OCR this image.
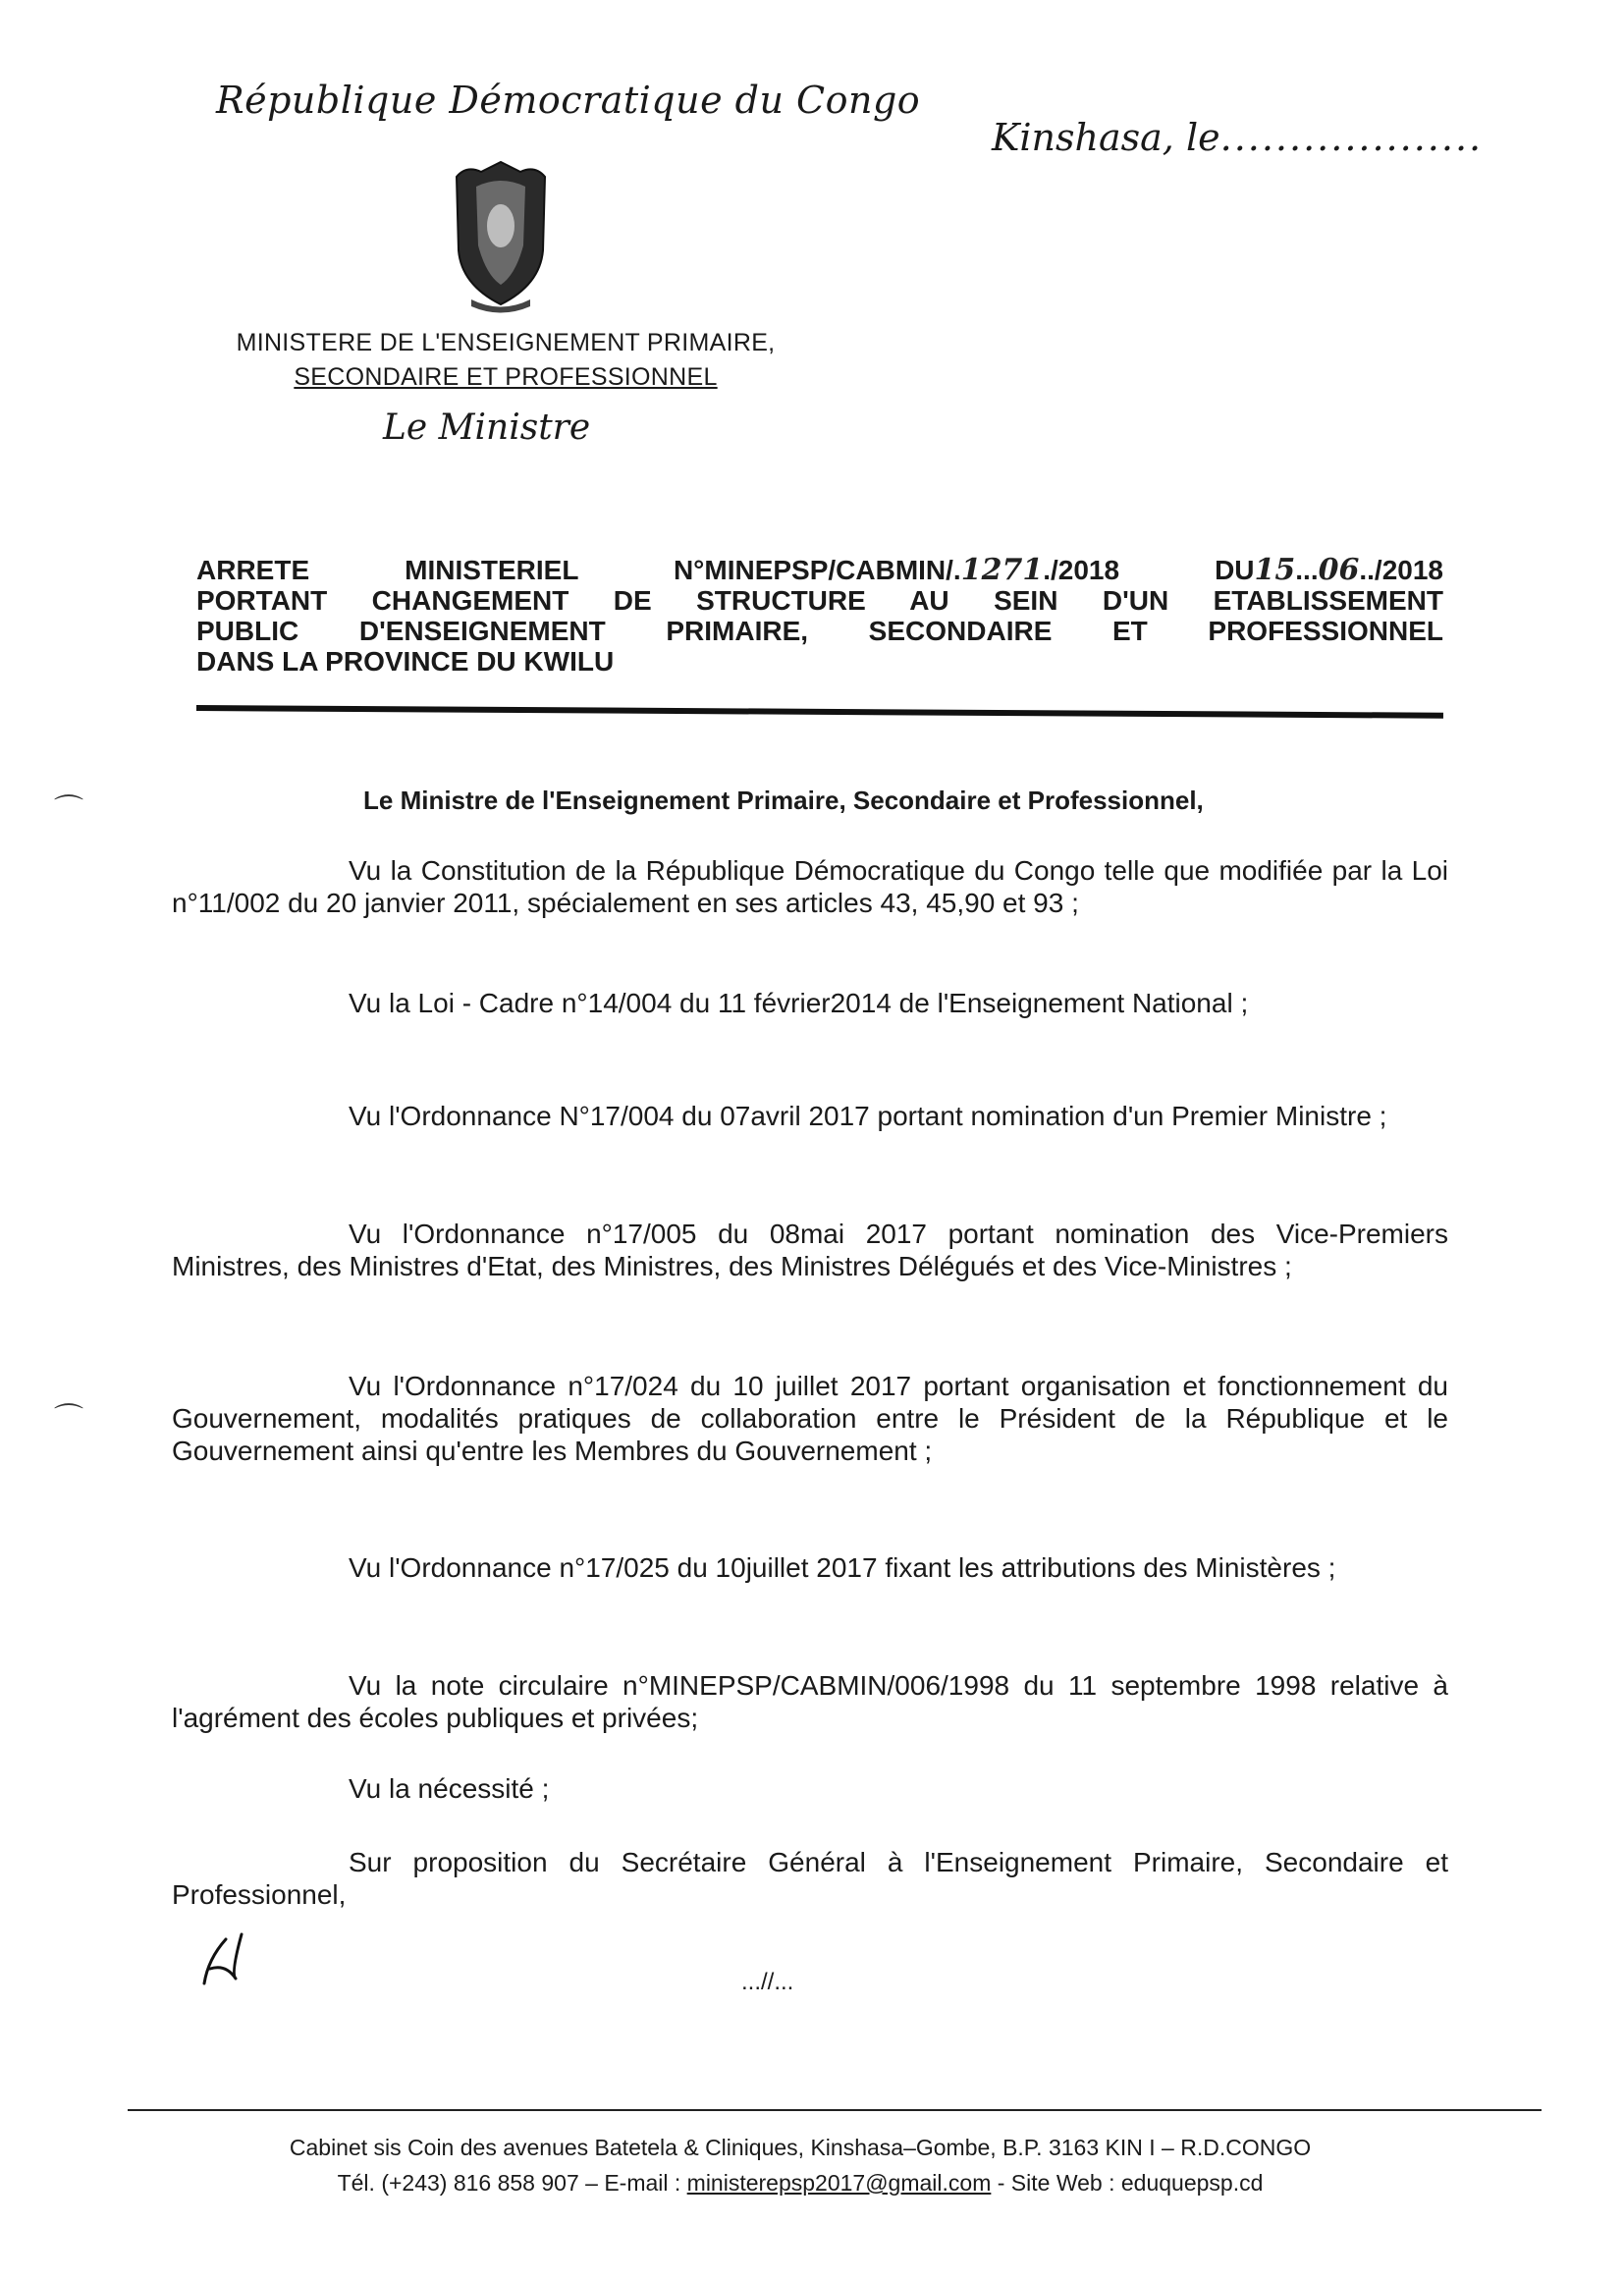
République Démocratique du Congo
Kinshasa, le...................
MINISTERE DE L'ENSEIGNEMENT PRIMAIRE,
SECONDAIRE ET PROFESSIONNEL
Le Ministre
ARRETE MINISTERIEL N°MINEPSP/CABMIN/.1271./2018 DU15...06../2018
PORTANT CHANGEMENT DE STRUCTURE AU SEIN D'UN ETABLISSEMENT
PUBLIC D'ENSEIGNEMENT PRIMAIRE, SECONDAIRE ET PROFESSIONNEL
DANS LA PROVINCE DU KWILU
Le Ministre de l'Enseignement Primaire, Secondaire et Professionnel,
Vu la Constitution de la République Démocratique du Congo telle que modifiée par la Loi n°11/002 du 20 janvier 2011, spécialement en ses articles 43, 45,90 et 93 ;
Vu la Loi - Cadre n°14/004 du 11 février2014 de l'Enseignement National ;
Vu l'Ordonnance N°17/004 du 07avril 2017 portant nomination d'un Premier Ministre ;
Vu l'Ordonnance n°17/005 du 08mai 2017 portant nomination des Vice-Premiers Ministres, des Ministres d'Etat, des Ministres, des Ministres Délégués et des Vice-Ministres ;
Vu l'Ordonnance n°17/024 du 10 juillet 2017 portant organisation et fonctionnement du Gouvernement, modalités pratiques de collaboration entre le Président de la République et le Gouvernement ainsi qu'entre les Membres du Gouvernement ;
Vu l'Ordonnance n°17/025 du 10juillet 2017 fixant les attributions des Ministères ;
Vu la note circulaire n°MINEPSP/CABMIN/006/1998 du 11 septembre 1998 relative à l'agrément des écoles publiques et privées;
Vu la nécessité ;
Sur proposition du Secrétaire Général à l'Enseignement Primaire, Secondaire et Professionnel,
...//...
⌒
⌒
Cabinet sis Coin des avenues Batetela & Cliniques, Kinshasa–Gombe, B.P. 3163 KIN I – R.D.CONGO
Tél. (+243) 816 858 907 – E-mail : ministerepsp2017@gmail.com - Site Web : eduquepsp.cd
